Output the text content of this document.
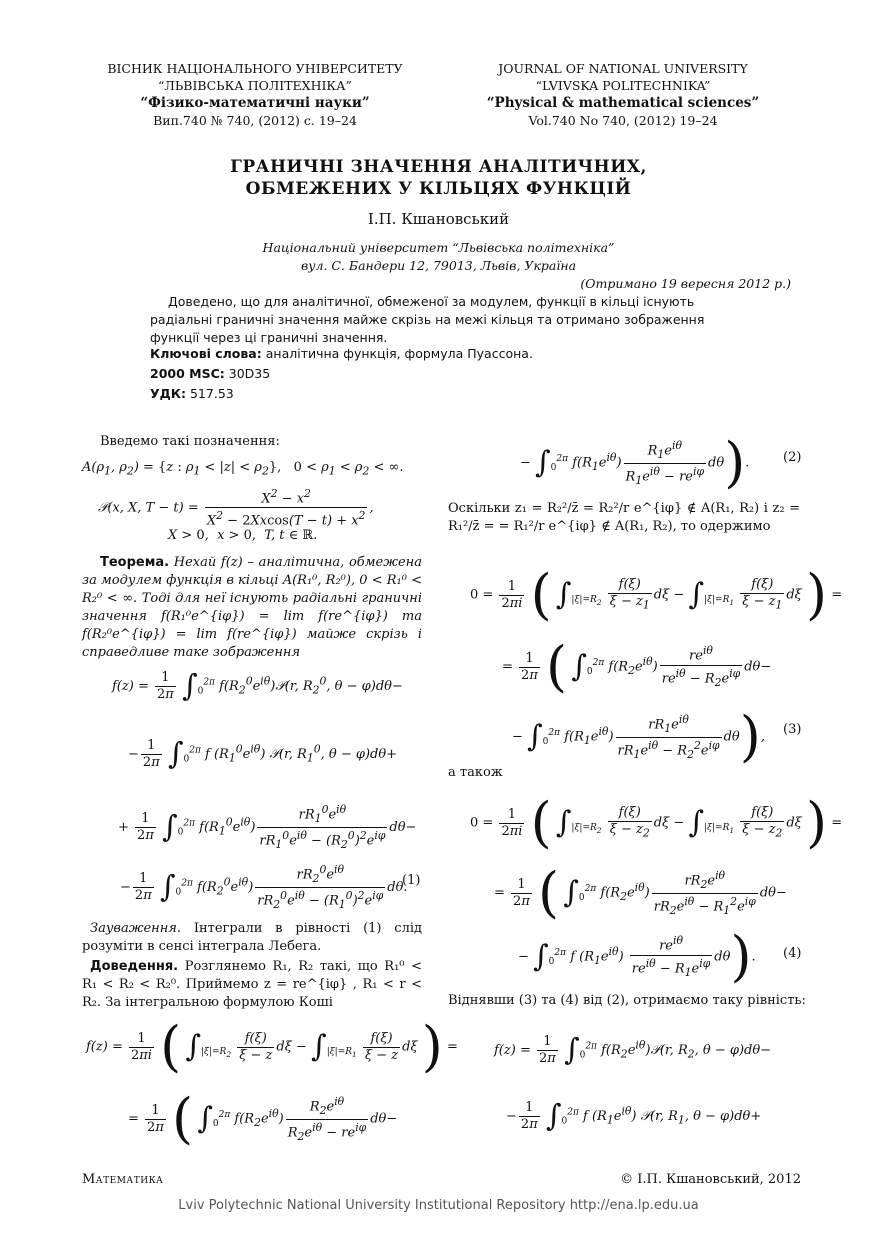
ВІСНИК НАЦІОНАЛЬНОГО УНІВЕРСИТЕТУ
“ЛЬВІВСЬКА ПОЛІТЕХНІКА”
“Фізико-математичні науки”
Вип.740 № 740, (2012) с. 19–24
JOURNAL OF NATIONAL UNIVERSITY
“LVIVSKA POLITECHNIKA”
“Physical & mathematical sciences”
Vol.740 No 740, (2012) 19–24
ГРАНИЧНІ ЗНАЧЕННЯ АНАЛІТИЧНИХ,
ОБМЕЖЕНИХ У КІЛЬЦЯХ ФУНКЦІЙ
І.П. Кшановський
Національний університет “Львівська політехніка”
вул. С. Бандери 12, 79013, Львів, Україна
(Отримано 19 вересня 2012 р.)
Доведено, що для аналітичної, обмеженої за модулем, функції в кільці існують радіальні граничні значення майже скрізь на межі кільця та отримано зображення функції через ці граничні значення.
Ключові слова: аналітична функція, формула Пуассона.
2000 MSC: 30D35
УДК: 517.53
Введемо такі позначення:
$A(\rho_1$, $\rho_2) = \{z$ : $\rho_1 < |z| < \rho_2$}, $0 < \rho_1 < \rho_2$ < ∞.
𝒫(x, X, $T - t) = \frac{X^2 - x^2}{X^2 - 2Xxcos(T - t) + x^2}$ ,
X > 0,  x > 0,  T, t ∈ ℝ.
Теорема. Нехай f(z) – аналітична, обмежена за модулем функція в кільці A(R₁⁰, R₂⁰), 0 < R₁⁰ < R₂⁰ < ∞. Тоді для неї існують радіальні граничні значення f(R₁⁰e^{iφ}) = lim f(re^{iφ}) та f(R₂⁰e^{iφ}) = lim f(re^{iφ}) майже скрізь і справедливе таке зображення
$f(z) = \frac{1}{2\pi} \int_0^{2\pi}$ $f(R_2^0e^{i\theta})𝒫(r$, $R_2^0$, θ − φ)dθ−
− $\frac{1}{2\pi} \int_0^{2\pi}$ f $(R_1^0e^{i\theta})$ 𝒫(r, $R_1^0$, θ − φ)dθ+
+ $\frac{1}{2\pi} \int_0^{2\pi}$ $f(R_1^0e^{i\theta}) \frac{rR_1^0e^{i\theta}}{rR_1^0e^{i\theta} - (R_2^0)^2e^{i\varphi}} d\theta-$
− $\frac{1}{2\pi} \int_0^{2\pi}$ $f(R_2^0e^{i\theta}) \frac{rR_2^0e^{i\theta}}{rR_2^0e^{i\theta} - (R_1^0)^2e^{i\varphi}} d\theta$.
(1)
Зауваження. Інтеграли в рівності (1) слід розуміти в сенсі інтеграла Лебега.
Доведення. Розглянемо R₁, R₂ такі, що R₁⁰ < R₁ < R₂ < R₂⁰. Приймемо z = re^{iφ} , R₁ < r < R₂. За інтегральною формулою Коші
$f(z) = \frac{1}{2\pi i}$ ( $\int_{|\xi|=R_2} \frac{f(\xi)}{\xi - z}$ $d\xi - \int_{|\xi|=R_1} \frac{f(\xi)}{\xi - z}$ dξ ) =
= $\frac{1}{2\pi}$ ( $\int_0^{2\pi}$ $f(R_2e^{i\theta}) \frac{R_2e^{i\theta}}{R_2e^{i\theta} - re^{i\varphi}} d\theta-$
− $\int_0^{2\pi}$ $f(R_1e^{i\theta}) \frac{R_1e^{i\theta}}{R_1e^{i\theta} - re^{i\varphi}} d\theta$).	(2)
Оскільки z₁ = R₂²/z̄ = R₂²/r e^{iφ} ∉ A(R₁, R₂) і z₂ = R₁²/z̄ = = R₁²/r e^{iφ} ∉ A(R₁, R₂), то одержимо
$0 = \frac{1}{2\pi i}$ ( $\int_{|\xi|=R_2} \frac{f(\xi)}{\xi - z_1}$ $d\xi - \int_{|\xi|=R_1} \frac{f(\xi)}{\xi - z_1}$ dξ ) =
= $\frac{1}{2\pi}$ ( $\int_0^{2\pi}$ $f(R_2e^{i\theta}) \frac{re^{i\theta}}{re^{i\theta} - R_2e^{i\varphi}} d\theta-$
− $\int_0^{2\pi}$ $f(R_1e^{i\theta}) \frac{rR_1e^{i\theta}}{rR_1e^{i\theta} - R_2^2e^{i\varphi}} d\theta$), (3)
а також
$0 = \frac{1}{2\pi i}$ ( $\int_{|\xi|=R_2} \frac{f(\xi)}{\xi - z_2}$ $d\xi - \int_{|\xi|=R_1} \frac{f(\xi)}{\xi - z_2}$ dξ ) =
= $\frac{1}{2\pi}$ ( $\int_0^{2\pi}$ $f(R_2e^{i\theta}) \frac{rR_2e^{i\theta}}{rR_2e^{i\theta} - R_1^2e^{i\varphi}} d\theta-$
− $\int_0^{2\pi}$ f $(R_1e^{i\theta}) \frac{re^{i\theta}}{re^{i\theta} - R_1e^{i\varphi}} d\theta$). (4)
Віднявши (3) та (4) від (2), отримаємо таку рівність:
$f(z) = \frac{1}{2\pi} \int_0^{2\pi}$ $f(R_2e^{i\theta})𝒫(r$, $R_2$, θ − φ)dθ−
− $\frac{1}{2\pi} \int_0^{2\pi}$ f $(R_1e^{i\theta})$ 𝒫(r, $R_1$, θ − φ)dθ+
Математика	© І.П. Кшановський, 2012
Lviv Polytechnic National University Institutional Repository http://ena.lp.edu.ua
